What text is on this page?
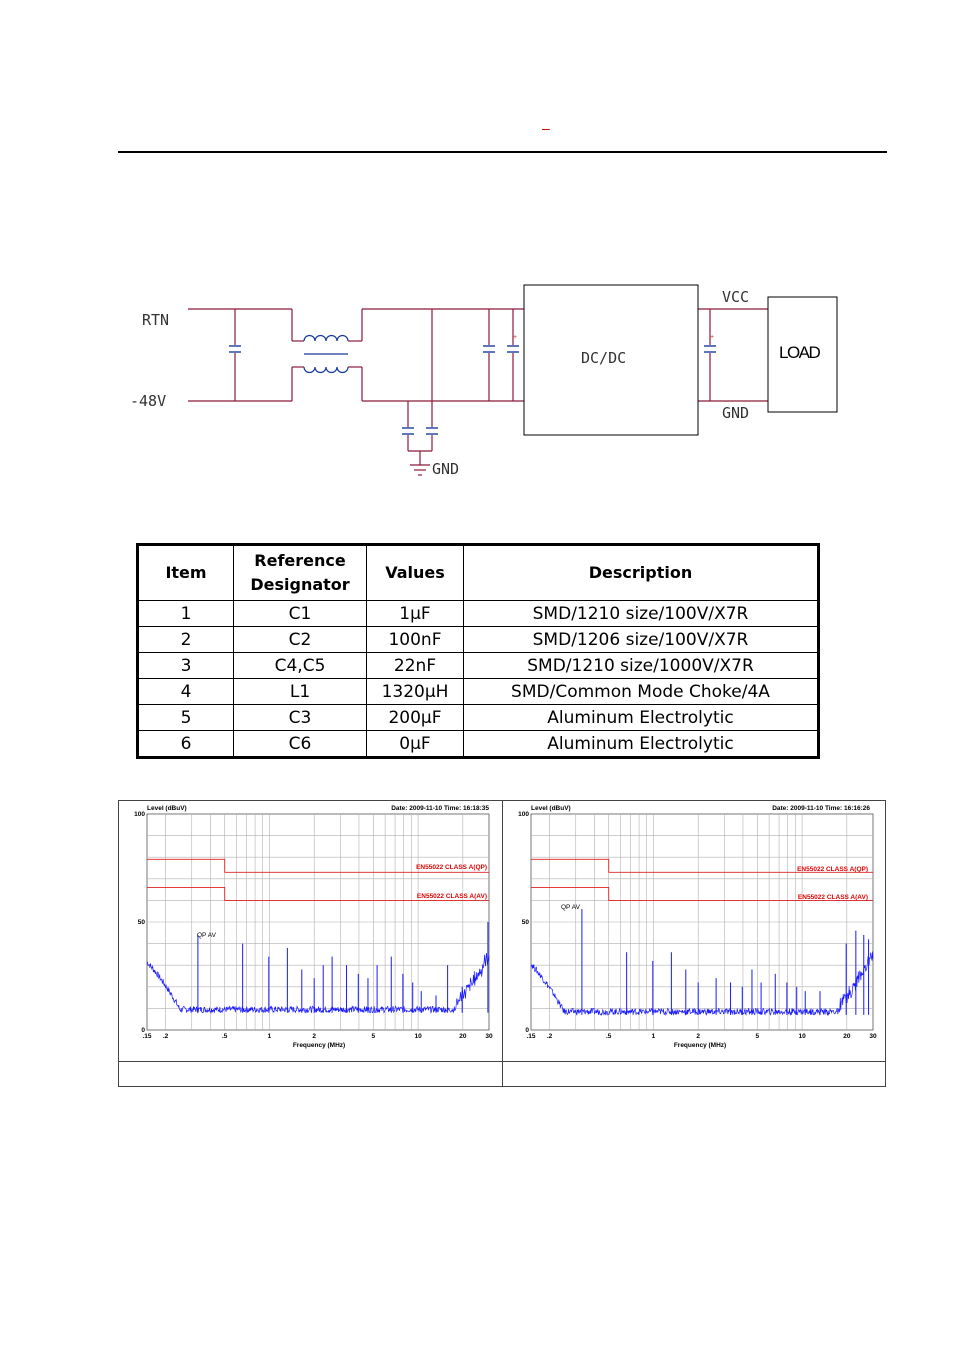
–
+	+
RTN
-48V
GND
DC/DC
VCC
GND
LOAD
Item	Reference Designator	Values	Description
1	C1	1μF	SMD/1210 size/100V/X7R
2	C2	100nF	SMD/1206 size/100V/X7R
3	C4,C5	22nF	SMD/1210 size/1000V/X7R
4	L1	1320μH	SMD/Common Mode Choke/4A
5	C3	200μF	Aluminum Electrolytic
6	C6	0μF	Aluminum Electrolytic
Level (dBuV)	Date: 2009-11-10 Time: 16:18:35
.15 .2	.5	1	2	5	10	20	30
100
50
0
EN55022 CLASS A(QP)
EN55022 CLASS A(AV)
Frequency (MHz)
QP AV
Level (dBuV)	Date: 2009-11-10 Time: 16:16:26
.15 .2	.5	1	2	5	10	20	30
100
50
0
EN55022 CLASS A(QP)
EN55022 CLASS A(AV)
Frequency (MHz)
QP AV
